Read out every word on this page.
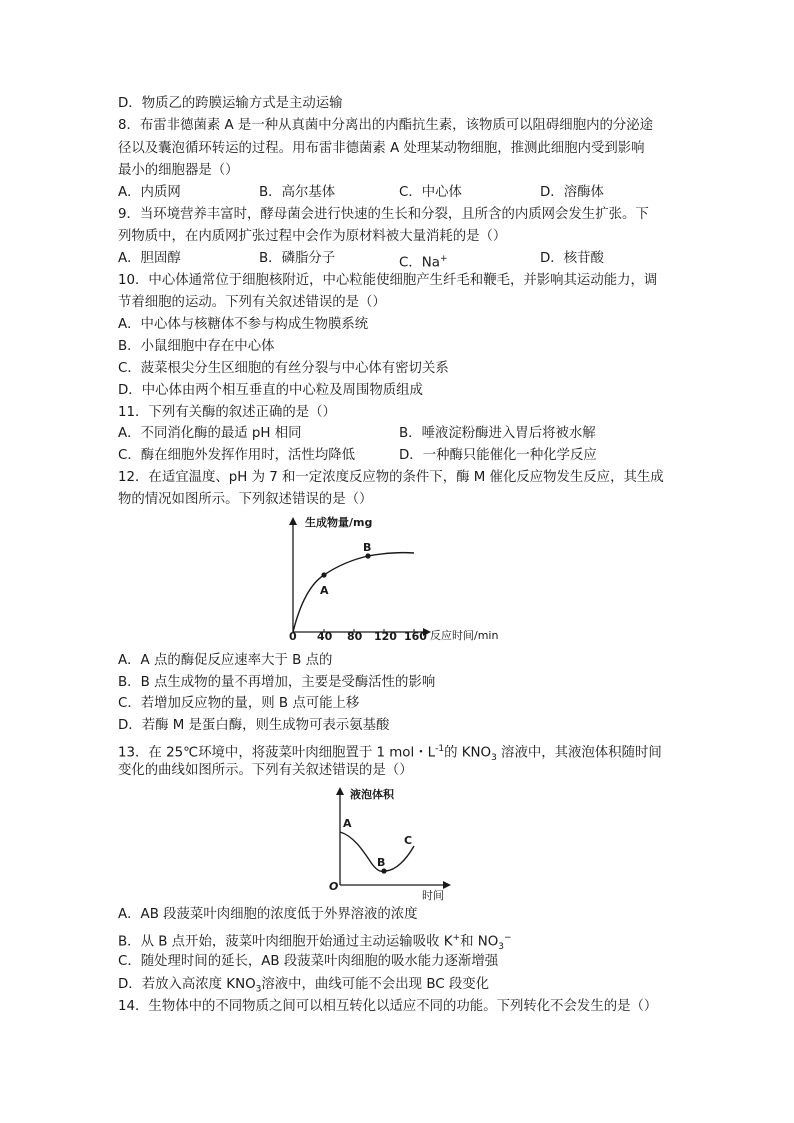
D．物质乙的跨膜运输方式是主动运输
8．布雷非德菌素 A 是一种从真菌中分离出的内酯抗生素，该物质可以阻碍细胞内的分泌途
径以及囊泡循环转运的过程。用布雷非德菌素 A 处理某动物细胞，推测此细胞内受到影响
最小的细胞器是（）
A．内质网	B．高尔基体	C．中心体	D．溶酶体
9．当环境营养丰富时，酵母菌会进行快速的生长和分裂，且所含的内质网会发生扩张。下
列物质中，在内质网扩张过程中会作为原材料被大量消耗的是（）
A．胆固醇	B．磷脂分子	C．Na+	D．核苷酸
10．中心体通常位于细胞核附近，中心粒能使细胞产生纤毛和鞭毛，并影响其运动能力，调
节着细胞的运动。下列有关叙述错误的是（）
A．中心体与核糖体不参与构成生物膜系统
B．小鼠细胞中存在中心体
C．菠菜根尖分生区细胞的有丝分裂与中心体有密切关系
D．中心体由两个相互垂直的中心粒及周围物质组成
11．下列有关酶的叙述正确的是（）
A．不同消化酶的最适 pH 相同	B．唾液淀粉酶进入胃后将被水解
C．酶在细胞外发挥作用时，活性均降低	D．一种酶只能催化一种化学反应
12．在适宜温度、pH 为 7 和一定浓度反应物的条件下，酶 M 催化反应物发生反应，其生成
物的情况如图所示。下列叙述错误的是（）
生成物量/mg
反应时间/min
0 40 80 120 160
A
B
A．A 点的酶促反应速率大于 B 点的
B．B 点生成物的量不再增加，主要是受酶活性的影响
C．若增加反应物的量，则 B 点可能上移
D．若酶 M 是蛋白酶，则生成物可表示氨基酸
13．在 25℃环境中，将菠菜叶肉细胞置于 1 mol・$L^{-1}$的 $KNO_3$ 溶液中，其液泡体积随时间
变化的曲线如图所示。下列有关叙述错误的是（）
液泡体积
时间
O
A
B
C
A．AB 段菠菜叶肉细胞的浓度低于外界溶液的浓度
B．从 B 点开始，菠菜叶肉细胞开始通过主动运输吸收 K+和 $NO_3^-$
C．随处理时间的延长，AB 段菠菜叶肉细胞的吸水能力逐渐增强
D．若放入高浓度 $KNO_3$溶液中，曲线可能不会出现 BC 段变化
14．生物体中的不同物质之间可以相互转化以适应不同的功能。下列转化不会发生的是（）
